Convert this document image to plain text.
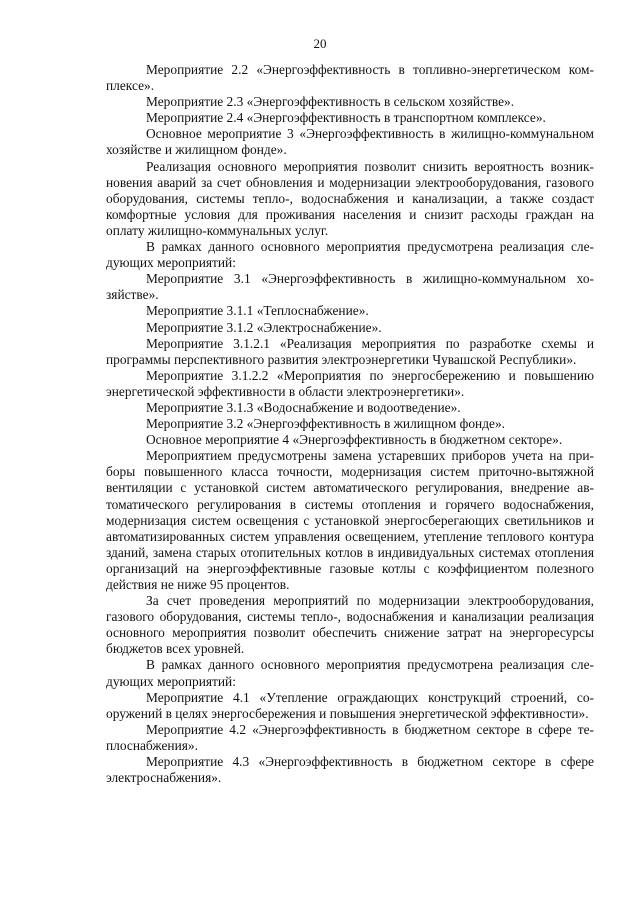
20

Мероприятие 2.2 «Энергоэффективность в топливно-энергетическом комплексе».

Мероприятие 2.3 «Энергоэффективность в сельском хозяйстве».

Мероприятие 2.4 «Энергоэффективность в транспортном комплексе».

Основное мероприятие 3 «Энергоэффективность в жилищно-коммунальном хозяйстве и жилищном фонде».

Реализация основного мероприятия позволит снизить вероятность возникновения аварий за счет обновления и модернизации электрооборудования, газового оборудования, системы тепло-, водоснабжения и канализации, а также создаст комфортные условия для проживания населения и снизит расходы граждан на оплату жилищно-коммунальных услуг.

В рамках данного основного мероприятия предусмотрена реализация следующих мероприятий:

Мероприятие 3.1 «Энергоэффективность в жилищно-коммунальном хозяйстве».

Мероприятие 3.1.1 «Теплоснабжение».

Мероприятие 3.1.2 «Электроснабжение».

Мероприятие 3.1.2.1 «Реализация мероприятия по разработке схемы и программы перспективного развития электроэнергетики Чувашской Республики».

Мероприятие 3.1.2.2 «Мероприятия по энергосбережению и повышению энергетической эффективности в области электроэнергетики».

Мероприятие 3.1.3 «Водоснабжение и водоотведение».

Мероприятие 3.2 «Энергоэффективность в жилищном фонде».

Основное мероприятие 4 «Энергоэффективность в бюджетном секторе».

Мероприятием предусмотрены замена устаревших приборов учета на приборы повышенного класса точности, модернизация систем приточно-вытяжной вентиляции с установкой систем автоматического регулирования, внедрение автоматического регулирования в системы отопления и горячего водоснабжения, модернизация систем освещения с установкой энергосберегающих светильников и автоматизированных систем управления освещением, утепление теплового контура зданий, замена старых отопительных котлов в индивидуальных системах отопления организаций на энергоэффективные газовые котлы с коэффициентом полезного действия не ниже 95 процентов.

За счет проведения мероприятий по модернизации электрооборудования, газового оборудования, системы тепло-, водоснабжения и канализации реализация основного мероприятия позволит обеспечить снижение затрат на энергоресурсы бюджетов всех уровней.

В рамках данного основного мероприятия предусмотрена реализация следующих мероприятий:

Мероприятие 4.1 «Утепление ограждающих конструкций строений, сооружений в целях энергосбережения и повышения энергетической эффективности».

Мероприятие 4.2 «Энергоэффективность в бюджетном секторе в сфере теплоснабжения».

Мероприятие 4.3 «Энергоэффективность в бюджетном секторе в сфере электроснабжения».
